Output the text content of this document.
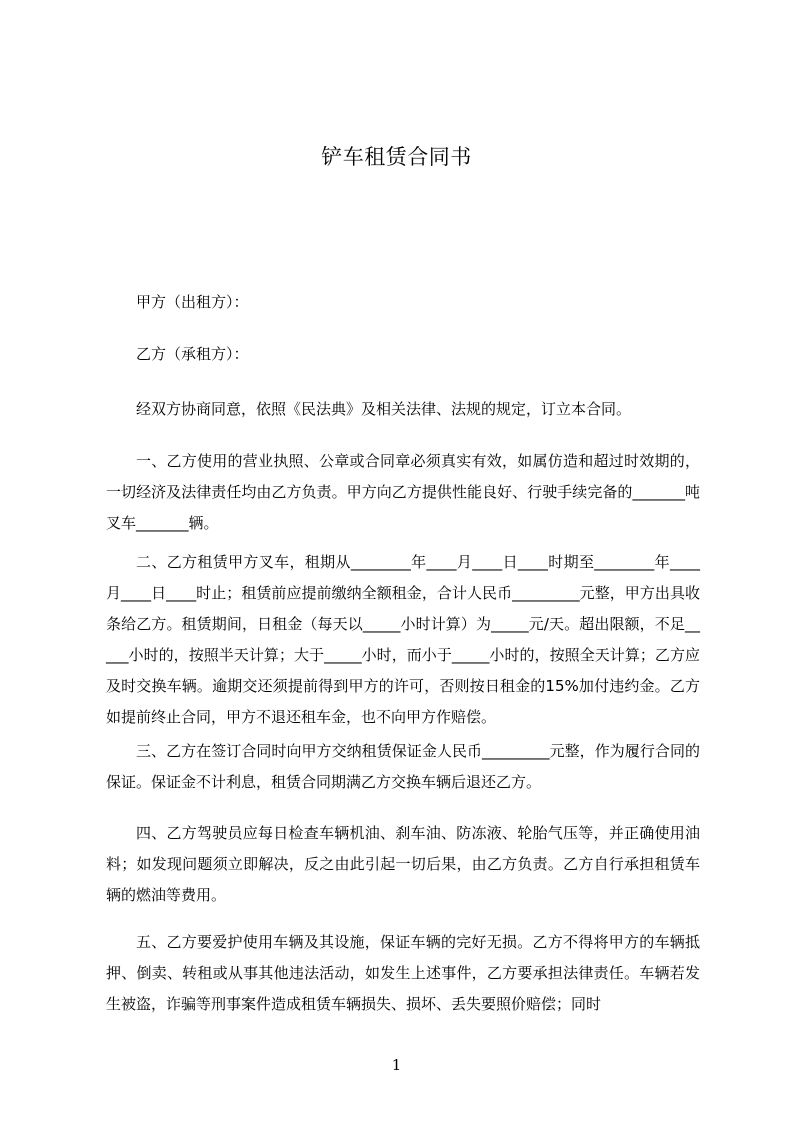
铲车租赁合同书

甲方（出租方）：

乙方（承租方）：

经双方协商同意，依照《民法典》及相关法律、法规的规定，订立本合同。

一、乙方使用的营业执照、公章或合同章必须真实有效，如属仿造和超过时效期的，一切经济及法律责任均由乙方负责。甲方向乙方提供性能良好、行驶手续完备的_______吨叉车_______辆。

二、乙方租赁甲方叉车，租期从________年____月____日____时期至________年____月____日____时止；租赁前应提前缴纳全额租金，合计人民币_________元整，甲方出具收条给乙方。租赁期间，日租金（每天以_____小时计算）为_____元/天。超出限额，不足_____小时的，按照半天计算；大于_____小时，而小于_____小时的，按照全天计算；乙方应及时交换车辆。逾期交还须提前得到甲方的许可，否则按日租金的15%加付违约金。乙方如提前终止合同，甲方不退还租车金，也不向甲方作赔偿。

三、乙方在签订合同时向甲方交纳租赁保证金人民币_________元整，作为履行合同的保证。保证金不计利息，租赁合同期满乙方交换车辆后退还乙方。

四、乙方驾驶员应每日检查车辆机油、刹车油、防冻液、轮胎气压等，并正确使用油料；如发现问题须立即解决，反之由此引起一切后果，由乙方负责。乙方自行承担租赁车辆的燃油等费用。

五、乙方要爱护使用车辆及其设施，保证车辆的完好无损。乙方不得将甲方的车辆抵押、倒卖、转租或从事其他违法活动，如发生上述事件，乙方要承担法律责任。车辆若发生被盗，诈骗等刑事案件造成租赁车辆损失、损坏、丢失要照价赔偿；同时

1
